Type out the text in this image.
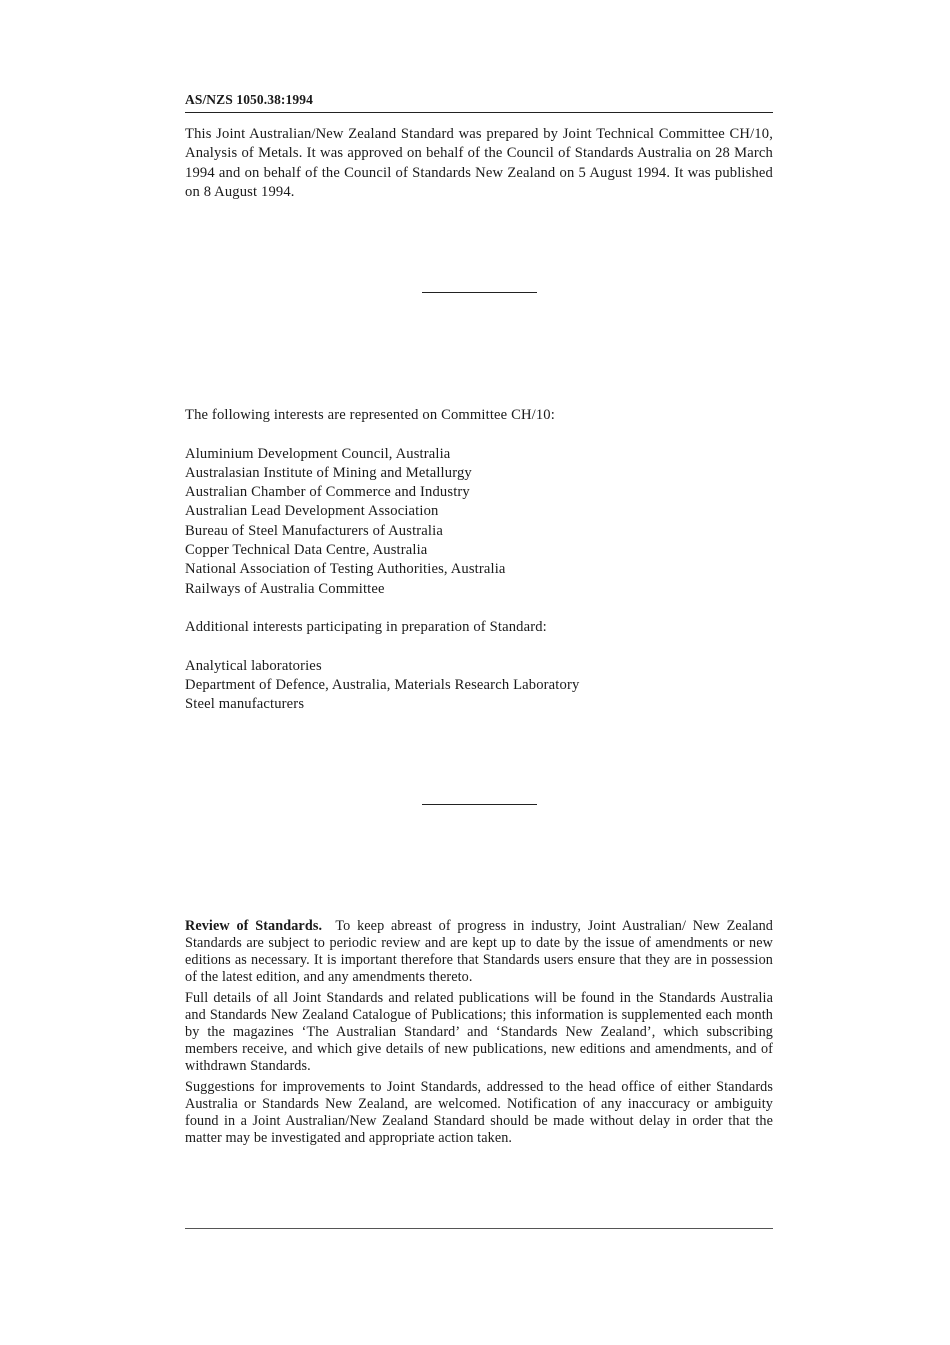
AS/NZS 1050.38:1994
This Joint Australian/New Zealand Standard was prepared by Joint Technical Committee CH/10, Analysis of Metals. It was approved on behalf of the Council of Standards Australia on 28 March 1994 and on behalf of the Council of Standards New Zealand on 5 August 1994. It was published on 8 August 1994.
The following interests are represented on Committee CH/10:
Aluminium Development Council, Australia
Australasian Institute of Mining and Metallurgy
Australian Chamber of Commerce and Industry
Australian Lead Development Association
Bureau of Steel Manufacturers of Australia
Copper Technical Data Centre, Australia
National Association of Testing Authorities, Australia
Railways of Australia Committee
Additional interests participating in preparation of Standard:
Analytical laboratories
Department of Defence, Australia, Materials Research Laboratory
Steel manufacturers

Review of Standards. To keep abreast of progress in industry, Joint Australian/ New Zealand Standards are subject to periodic review and are kept up to date by the issue of amendments or new editions as necessary. It is important therefore that Standards users ensure that they are in possession of the latest edition, and any amendments thereto.

Full details of all Joint Standards and related publications will be found in the Standards Australia and Standards New Zealand Catalogue of Publications; this information is supplemented each month by the magazines ‘The Australian Standard’ and ‘Standards New Zealand’, which subscribing members receive, and which give details of new publications, new editions and amendments, and of withdrawn Standards.

Suggestions for improvements to Joint Standards, addressed to the head office of either Standards Australia or Standards New Zealand, are welcomed. Notification of any inaccuracy or ambiguity found in a Joint Australian/New Zealand Standard should be made without delay in order that the matter may be investigated and appropriate action taken.
